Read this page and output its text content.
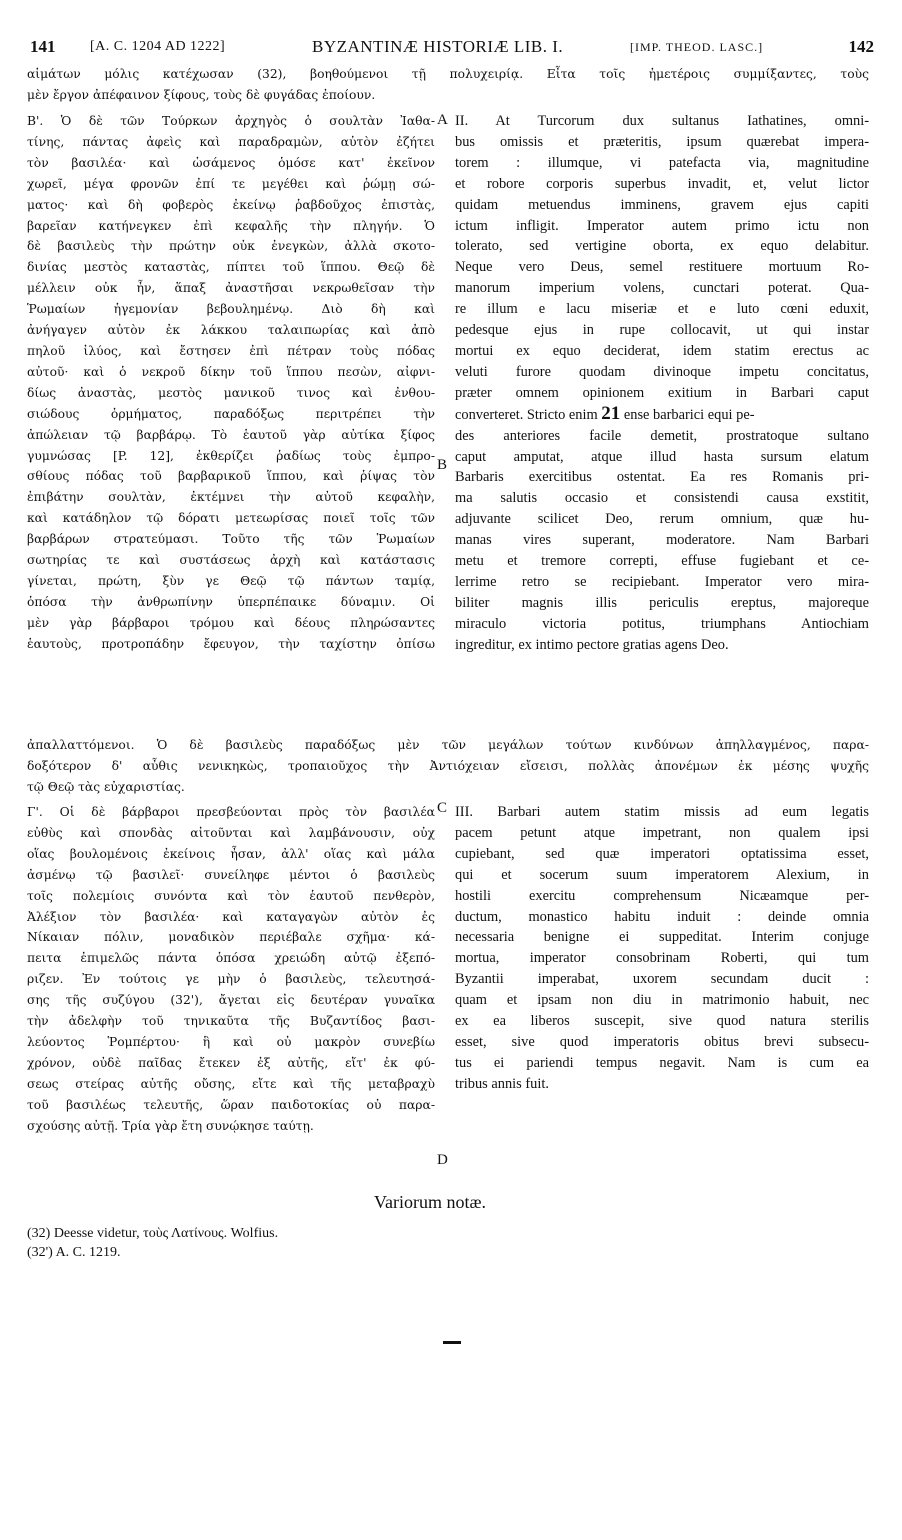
141 [A. C. 1204 AD 1222]	BYZANTINÆ HISTORIÆ LIB. I.	[IMP. THEOD. LASC.]	142
αἱμάτων μόλις κατέχωσαν (32), βοηθούμενοι τῇ πολυχειρίᾳ. Εἶτα τοῖς ἡμετέροις συμμίξαντες, τοὺς
μὲν ἔργον ἀπέφαινον ξίφους, τοὺς δὲ φυγάδας ἐποίουν.
Β'. Ὁ δὲ τῶν Τούρκων ἀρχηγὸς ὁ σουλτὰν Ἰαθα-
τίνης, πάντας ἀφεὶς καὶ παραδραμὼν, αὐτὸν ἐζήτει
τὸν βασιλέα· καὶ ὡσάμενος ὁμόσε κατ' ἐκεῖνον
χωρεῖ, μέγα φρονῶν ἐπί τε μεγέθει καὶ ῥώμῃ σώ-
ματος· καὶ δὴ φοβερὸς ἐκείνῳ ῥαβδοῦχος ἐπιστὰς,
βαρεῖαν κατήνεγκεν ἐπὶ κεφαλῆς τὴν πληγήν. Ὁ
δὲ βασιλεὺς τὴν πρώτην οὐκ ἐνεγκὼν, ἀλλὰ σκοτο-
δινίας μεστὸς καταστὰς, πίπτει τοῦ ἵππου. Θεῷ δὲ
μέλλειν οὐκ ἦν, ἅπαξ ἀναστῆσαι νεκρωθεῖσαν τὴν
Ῥωμαίων ἡγεμονίαν βεβουλημένῳ. Διὸ δὴ καὶ
ἀνήγαγεν αὐτὸν ἐκ λάκκου ταλαιπωρίας καὶ ἀπὸ
πηλοῦ ἰλύος, καὶ ἔστησεν ἐπὶ πέτραν τοὺς πόδας
αὐτοῦ· καὶ ὁ νεκροῦ δίκην τοῦ ἵππου πεσὼν, αἰφνι-
δίως ἀναστὰς, μεστὸς μανικοῦ τινος καὶ ἐνθου-
σιώδους ὁρμήματος, παραδόξως περιτρέπει τὴν
ἀπώλειαν τῷ βαρβάρῳ. Τὸ ἑαυτοῦ γὰρ αὐτίκα ξίφος
γυμνώσας [P. 12], ἐκθερίζει ῥαδίως τοὺς ἐμπρο-
σθίους πόδας τοῦ βαρβαρικοῦ ἵππου, καὶ ῥίψας τὸν
ἐπιβάτην σουλτὰν, ἐκτέμνει τὴν αὐτοῦ κεφαλὴν,
καὶ κατάδηλον τῷ δόρατι μετεωρίσας ποιεῖ τοῖς τῶν
βαρβάρων στρατεύμασι. Τοῦτο τῆς τῶν Ῥωμαίων
σωτηρίας τε καὶ συστάσεως ἀρχὴ καὶ κατάστασις
γίνεται, πρώτη, ξὺν γε Θεῷ τῷ πάντων ταμίᾳ,
ὁπόσα τὴν ἀνθρωπίνην ὑπερπέπαικε δύναμιν. Οἱ
μὲν γὰρ βάρβαροι τρόμου καὶ δέους πληρώσαντες
ἑαυτοὺς, προτροπάδην ἔφευγον, τὴν ταχίστην ὀπίσω
II. At Turcorum dux sultanus Iathatines, omni-
bus omissis et præteritis, ipsum quærebat impera-
torem : illumque, vi patefacta via, magnitudine
et robore corporis superbus invadit, et, velut lictor
quidam metuendus imminens, gravem ejus capiti
ictum infligit. Imperator autem primo ictu non
tolerato, sed vertigine oborta, ex equo delabitur.
Neque vero Deus, semel restituere mortuum Ro-
manorum imperium volens, cunctari poterat. Qua-
re illum e lacu miseriæ et e luto cœni eduxit,
pedesque ejus in rupe collocavit, ut qui instar
mortui ex equo deciderat, idem statim erectus ac
veluti furore quodam divinoque impetu concitatus,
præter omnem opinionem exitium in Barbari caput
converteret. Stricto enim 21 ense barbarici equi pe-
des anteriores facile demetit, prostratoque sultano
caput amputat, atque illud hasta sursum elatum
Barbaris exercitibus ostentat. Ea res Romanis pri-
ma salutis occasio et consistendi causa exstitit,
adjuvante scilicet Deo, rerum omnium, quæ hu-
manas vires superant, moderatore. Nam Barbari
metu et tremore correpti, effuse fugiebant et ce-
lerrime retro se recipiebant. Imperator vero mira-
biliter magnis illis periculis ereptus, majoreque
miraculo victoria potitus, triumphans Antiochiam
ingreditur, ex intimo pectore gratias agens Deo.
A
B
C
D
ἀπαλλαττόμενοι. Ὁ δὲ βασιλεὺς παραδόξως μὲν τῶν μεγάλων τούτων κινδύνων ἀπηλλαγμένος, παρα-
δοξότερον δ' αὖθις νενικηκὼς, τροπαιοῦχος τὴν Ἀντιόχειαν εἴσεισι, πολλὰς ἀπονέμων ἐκ μέσης ψυχῆς
τῷ Θεῷ τὰς εὐχαριστίας.
Γ'. Οἱ δὲ βάρβαροι πρεσβεύονται πρὸς τὸν βασιλέα
εὐθὺς καὶ σπονδὰς αἰτοῦνται καὶ λαμβάνουσιν, οὐχ
οἵας βουλομένοις ἐκείνοις ἦσαν, ἀλλ' οἵας καὶ μάλα
ἀσμένῳ τῷ βασιλεῖ· συνείληφε μέντοι ὁ βασιλεὺς
τοῖς πολεμίοις συνόντα καὶ τὸν ἑαυτοῦ πενθερὸν,
Ἀλέξιον τὸν βασιλέα· καὶ καταγαγὼν αὐτὸν ἐς
Νίκαιαν πόλιν, μοναδικὸν περιέβαλε σχῆμα· κά-
πειτα ἐπιμελῶς πάντα ὁπόσα χρειώδη αὐτῷ ἐξεπό-
ριζεν. Ἐν τούτοις γε μὴν ὁ βασιλεὺς, τελευτησά-
σης τῆς συζύγου (32'), ἄγεται εἰς δευτέραν γυναῖκα
τὴν ἀδελφὴν τοῦ τηνικαῦτα τῆς Βυζαντίδος βασι-
λεύοντος Ῥομπέρτου· ἣ καὶ οὐ μακρὸν συνεβίω
χρόνον, οὐδὲ παῖδας ἔτεκεν ἐξ αὐτῆς, εἴτ' ἐκ φύ-
σεως στείρας αὐτῆς οὔσης, εἴτε καὶ τῆς μεταβραχὺ
τοῦ βασιλέως τελευτῆς, ὥραν παιδοτοκίας οὐ παρα-
σχούσης αὐτῇ. Τρία γὰρ ἔτη συνῴκησε ταύτῃ.
III. Barbari autem statim missis ad eum legatis
pacem petunt atque impetrant, non qualem ipsi
cupiebant, sed quæ imperatori optatissima esset,
qui et socerum suum imperatorem Alexium, in
hostili exercitu comprehensum Nicæamque per-
ductum, monastico habitu induit : deinde omnia
necessaria benigne ei suppeditat. Interim conjuge
mortua, imperator consobrinam Roberti, qui tum
Byzantii imperabat, uxorem secundam ducit :
quam et ipsam non diu in matrimonio habuit, nec
ex ea liberos suscepit, sive quod natura sterilis
esset, sive quod imperatoris obitus brevi subsecu-
tus ei pariendi tempus negavit. Nam is cum ea
tribus annis fuit.
Variorum notæ.
(32) Deesse videtur, τοὺς Λατίνους. Wolfius.
(32') A. C. 1219.
